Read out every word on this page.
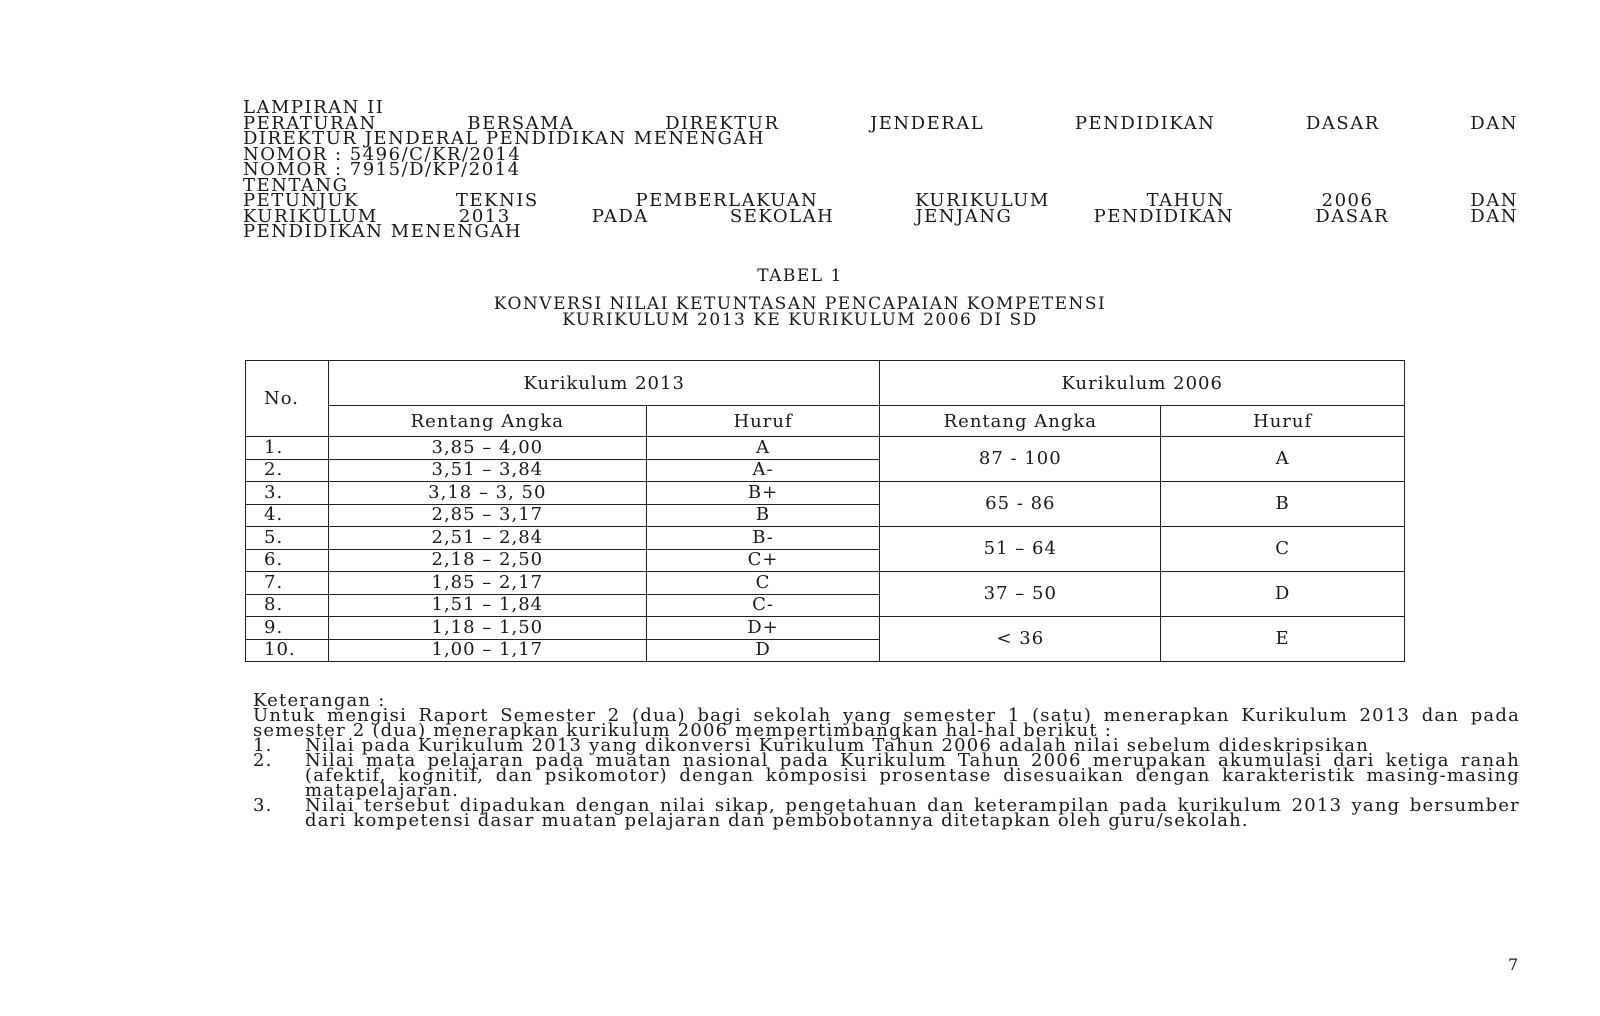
LAMPIRAN II
PERATURAN BERSAMA DIREKTUR JENDERAL PENDIDIKAN DASAR DAN
DIREKTUR JENDERAL PENDIDIKAN MENENGAH
NOMOR : 5496/C/KR/2014
NOMOR : 7915/D/KP/2014
TENTANG
PETUNJUK TEKNIS PEMBERLAKUAN KURIKULUM TAHUN 2006 DAN
KURIKULUM 2013 PADA SEKOLAH JENJANG PENDIDIKAN DASAR DAN
PENDIDIKAN MENENGAH
TABEL 1
KONVERSI NILAI KETUNTASAN PENCAPAIAN KOMPETENSI
KURIKULUM 2013 KE KURIKULUM 2006 DI SD
No.	Kurikulum 2013		Kurikulum 2006	
	Rentang Angka	Huruf	Rentang Angka	Huruf
1.	3,85 – 4,00	A	87 - 100	A
2.	3,51 – 3,84	A-		
3.	3,18 – 3, 50	B+	65 - 86	B
4.	2,85 – 3,17	B		
5.	2,51 – 2,84	B-	51 – 64	C
6.	2,18 – 2,50	C+		
7.	1,85 – 2,17	C	37 – 50	D
8.	1,51 – 1,84	C-		
9.	1,18 – 1,50	D+	< 36	E
10.	1,00 – 1,17	D		
Keterangan :
Untuk mengisi Raport Semester 2 (dua) bagi sekolah yang semester 1 (satu) menerapkan Kurikulum 2013 dan pada semester 2 (dua) menerapkan kurikulum 2006 mempertimbangkan hal-hal berikut :
1.	Nilai pada Kurikulum 2013 yang dikonversi Kurikulum Tahun 2006 adalah nilai sebelum dideskripsikan
2.	Nilai mata pelajaran pada muatan nasional pada Kurikulum Tahun 2006 merupakan akumulasi dari ketiga ranah (afektif, kognitif, dan psikomotor) dengan komposisi prosentase disesuaikan dengan karakteristik masing-masing matapelajaran.
3.	Nilai tersebut dipadukan dengan nilai sikap, pengetahuan dan keterampilan pada kurikulum 2013 yang bersumber dari kompetensi dasar muatan pelajaran dan pembobotannya ditetapkan oleh guru/sekolah.
7
